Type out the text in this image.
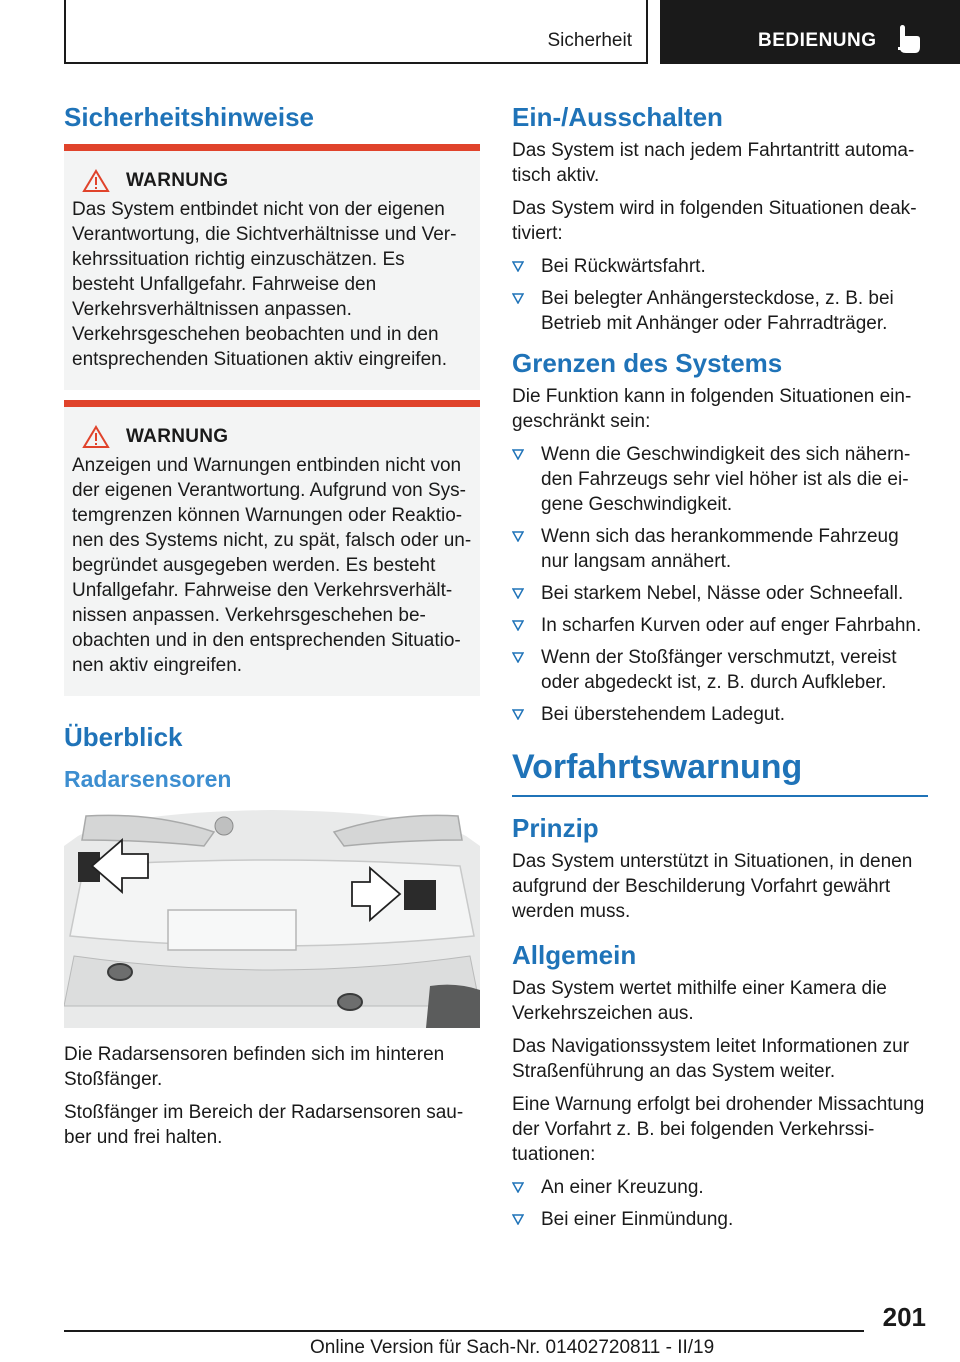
Sicherheit	BEDIENUNG
Sicherheitshinweise
WARNUNG

Das System entbindet nicht von der eigenen Verantwortung, die Sichtverhältnisse und Verkehrssituation richtig einzuschätzen. Es besteht Unfallgefahr. Fahrweise den Verkehrsverhältnissen anpassen. Verkehrsgeschehen beobachten und in den entsprechenden Situationen aktiv eingreifen.

WARNUNG

Anzeigen und Warnungen entbinden nicht von der eigenen Verantwortung. Aufgrund von Systemgrenzen können Warnungen oder Reaktionen des Systems nicht, zu spät, falsch oder unbegründet ausgegeben werden. Es besteht Unfallgefahr. Fahrweise den Verkehrsverhältnissen anpassen. Verkehrsgeschehen beobachten und in den entsprechenden Situationen aktiv eingreifen.

Überblick
Radarsensoren

Die Radarsensoren befinden sich im hinteren Stoßfänger.

Stoßfänger im Bereich der Radarsensoren sauber und frei halten.

Ein-/Ausschalten

Das System ist nach jedem Fahrtantritt automatisch aktiv.

Das System wird in folgenden Situationen deaktiviert:

Bei Rückwärtsfahrt.
Bei belegter Anhängersteckdose, z. B. bei Betrieb mit Anhänger oder Fahrradträger.
Grenzen des Systems

Die Funktion kann in folgenden Situationen eingeschränkt sein:

Wenn die Geschwindigkeit des sich nähernden Fahrzeugs sehr viel höher ist als die eigene Geschwindigkeit.
Wenn sich das herankommende Fahrzeug nur langsam annähert.
Bei starkem Nebel, Nässe oder Schneefall.
In scharfen Kurven oder auf enger Fahrbahn.
Wenn der Stoßfänger verschmutzt, vereist oder abgedeckt ist, z. B. durch Aufkleber.
Bei überstehendem Ladegut.
Vorfahrtswarnung
Prinzip

Das System unterstützt in Situationen, in denen aufgrund der Beschilderung Vorfahrt gewährt werden muss.

Allgemein

Das System wertet mithilfe einer Kamera die Verkehrszeichen aus.

Das Navigationssystem leitet Informationen zur Straßenführung an das System weiter.

Eine Warnung erfolgt bei drohender Missachtung der Vorfahrt z. B. bei folgenden Verkehrssituationen:

An einer Kreuzung.
Bei einer Einmündung.
201
Online Version für Sach-Nr. 01402720811 - II/19
